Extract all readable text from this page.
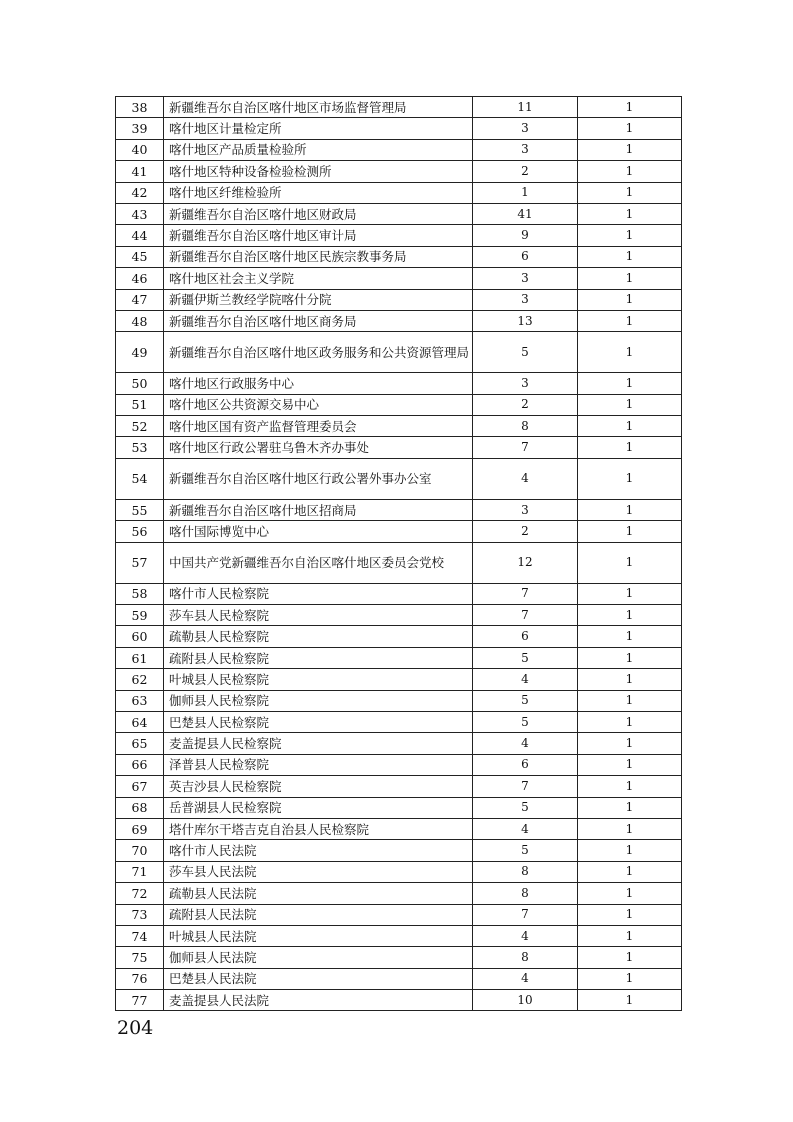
38	新疆维吾尔自治区喀什地区市场监督管理局	11	1
39	喀什地区计量检定所	3	1
40	喀什地区产品质量检验所	3	1
41	喀什地区特种设备检验检测所	2	1
42	喀什地区纤维检验所	1	1
43	新疆维吾尔自治区喀什地区财政局	41	1
44	新疆维吾尔自治区喀什地区审计局	9	1
45	新疆维吾尔自治区喀什地区民族宗教事务局	6	1
46	喀什地区社会主义学院	3	1
47	新疆伊斯兰教经学院喀什分院	3	1
48	新疆维吾尔自治区喀什地区商务局	13	1
49	新疆维吾尔自治区喀什地区政务服务和公共资源管理局	5	1
50	喀什地区行政服务中心	3	1
51	喀什地区公共资源交易中心	2	1
52	喀什地区国有资产监督管理委员会	8	1
53	喀什地区行政公署驻乌鲁木齐办事处	7	1
54	新疆维吾尔自治区喀什地区行政公署外事办公室	4	1
55	新疆维吾尔自治区喀什地区招商局	3	1
56	喀什国际博览中心	2	1
57	中国共产党新疆维吾尔自治区喀什地区委员会党校	12	1
58	喀什市人民检察院	7	1
59	莎车县人民检察院	7	1
60	疏勒县人民检察院	6	1
61	疏附县人民检察院	5	1
62	叶城县人民检察院	4	1
63	伽师县人民检察院	5	1
64	巴楚县人民检察院	5	1
65	麦盖提县人民检察院	4	1
66	泽普县人民检察院	6	1
67	英吉沙县人民检察院	7	1
68	岳普湖县人民检察院	5	1
69	塔什库尔干塔吉克自治县人民检察院	4	1
70	喀什市人民法院	5	1
71	莎车县人民法院	8	1
72	疏勒县人民法院	8	1
73	疏附县人民法院	7	1
74	叶城县人民法院	4	1
75	伽师县人民法院	8	1
76	巴楚县人民法院	4	1
77	麦盖提县人民法院	10	1
204
